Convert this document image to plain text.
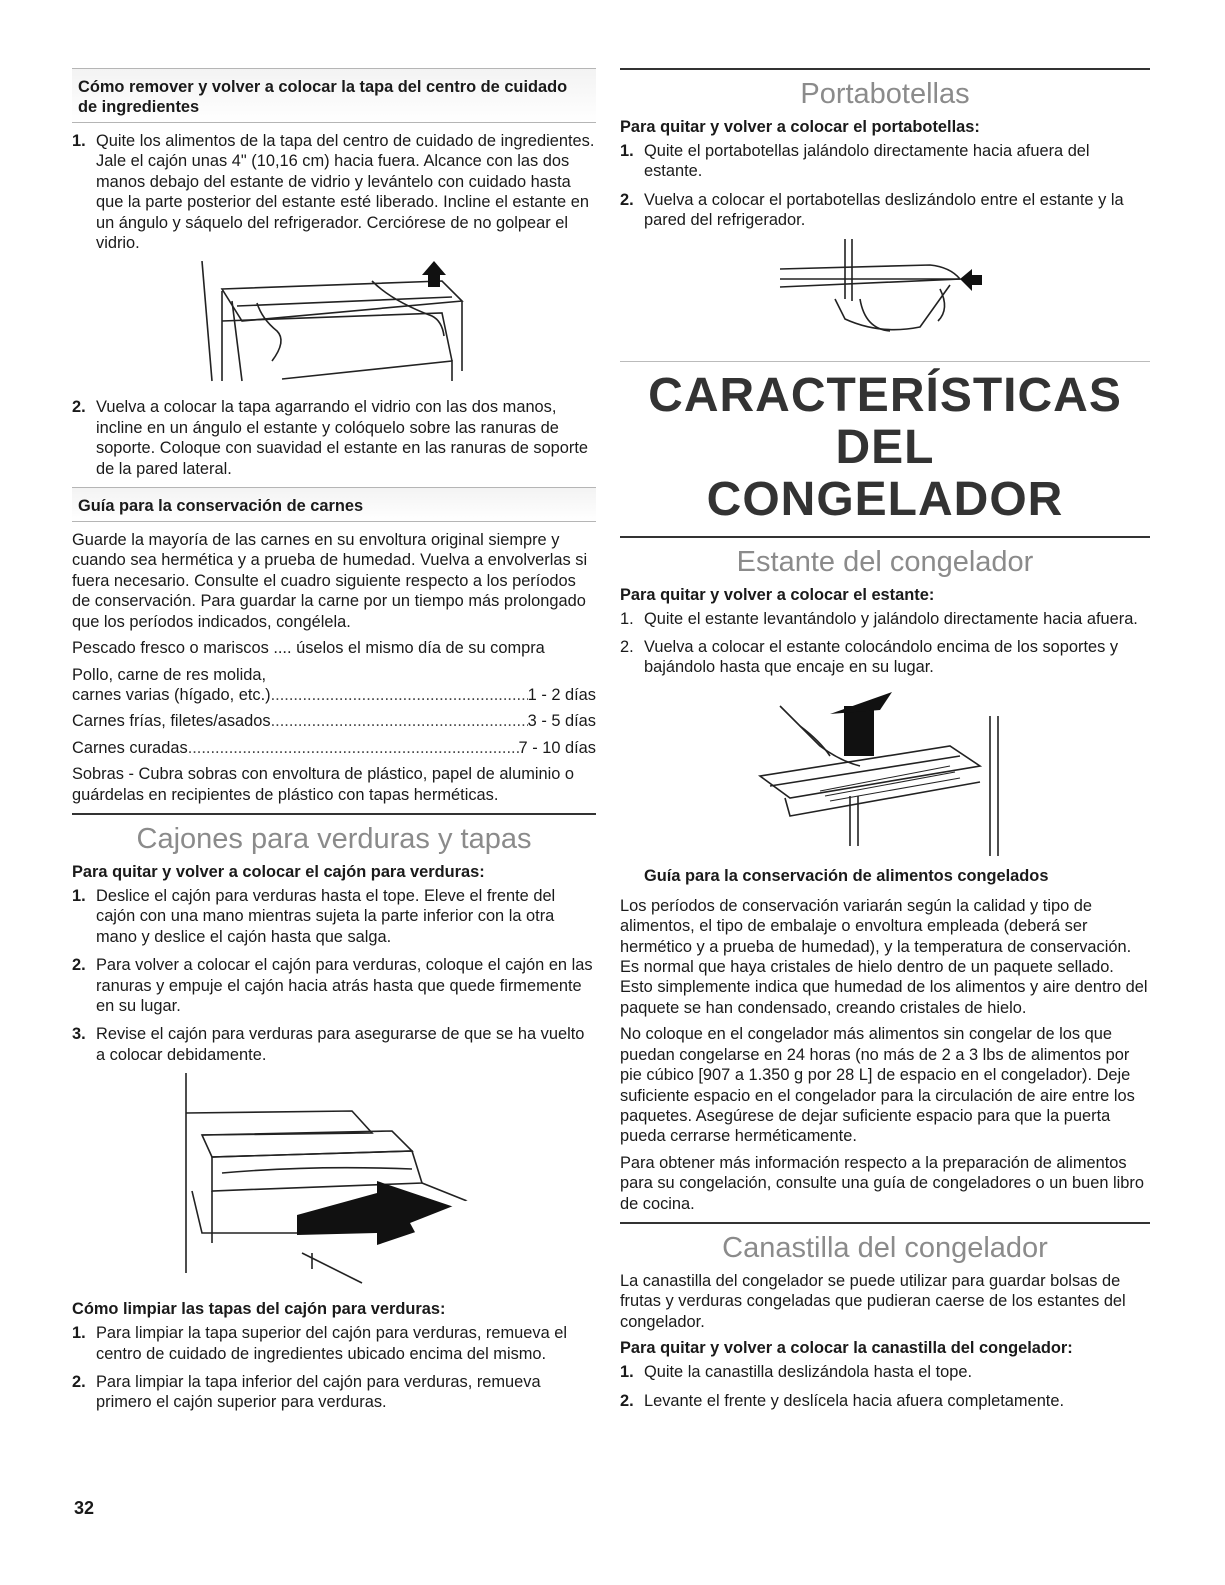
Cómo remover y volver a colocar la tapa del centro de cuidado de ingredientes
1. Quite los alimentos de la tapa del centro de cuidado de ingredientes. Jale el cajón unas 4" (10,16 cm) hacia fuera. Alcance con las dos manos debajo del estante de vidrio y levántelo con cuidado hasta que la parte posterior del estante esté liberado. Incline el estante en un ángulo y sáquelo del refrigerador. Cerciórese de no golpear el vidrio.
2. Vuelva a colocar la tapa agarrando el vidrio con las dos manos, incline en un ángulo el estante y colóquelo sobre las ranuras de soporte. Coloque con suavidad el estante en las ranuras de soporte de la pared lateral.
Guía para la conservación de carnes

Guarde la mayoría de las carnes en su envoltura original siempre y cuando sea hermética y a prueba de humedad. Vuelva a envolverlas si fuera necesario. Consulte el cuadro siguiente respecto a los períodos de conservación. Para guardar la carne por un tiempo más prolongado que los períodos indicados, congélela.

Pescado fresco o mariscos .... úselos el mismo día de su compra

Pollo, carne de res molida,

carnes varias (hígado, etc.) .....	1 - 2 días
Carnes frías, filetes/asados .....	3 - 5 días
Carnes curadas .....	7 - 10 días

Sobras - Cubra sobras con envoltura de plástico, papel de aluminio o guárdelas en recipientes de plástico con tapas herméticas.

Cajones para verduras y tapas
Para quitar y volver a colocar el cajón para verduras:
1. Deslice el cajón para verduras hasta el tope. Eleve el frente del cajón con una mano mientras sujeta la parte inferior con la otra mano y deslice el cajón hasta que salga.
2. Para volver a colocar el cajón para verduras, coloque el cajón en las ranuras y empuje el cajón hacia atrás hasta que quede firmemente en su lugar.
3. Revise el cajón para verduras para asegurarse de que se ha vuelto a colocar debidamente.
Cómo limpiar las tapas del cajón para verduras:
1. Para limpiar la tapa superior del cajón para verduras, remueva el centro de cuidado de ingredientes ubicado encima del mismo.
2. Para limpiar la tapa inferior del cajón para verduras, remueva primero el cajón superior para verduras.
Portabotellas
Para quitar y volver a colocar el portabotellas:
1. Quite el portabotellas jalándolo directamente hacia afuera del estante.
2. Vuelva a colocar el portabotellas deslizándolo entre el estante y la pared del refrigerador.
CARACTERÍSTICAS DEL
CONGELADOR
Estante del congelador
Para quitar y volver a colocar el estante:
1. Quite el estante levantándolo y jalándolo directamente hacia afuera.
2. Vuelva a colocar el estante colocándolo encima de los soportes y bajándolo hasta que encaje en su lugar.
Guía para la conservación de alimentos congelados

Los períodos de conservación variarán según la calidad y tipo de alimentos, el tipo de embalaje o envoltura empleada (deberá ser hermético y a prueba de humedad), y la temperatura de conservación. Es normal que haya cristales de hielo dentro de un paquete sellado. Esto simplemente indica que humedad de los alimentos y aire dentro del paquete se han condensado, creando cristales de hielo.

No coloque en el congelador más alimentos sin congelar de los que puedan congelarse en 24 horas (no más de 2 a 3 lbs de alimentos por pie cúbico [907 a 1.350 g por 28 L] de espacio en el congelador). Deje suficiente espacio en el congelador para la circulación de aire entre los paquetes. Asegúrese de dejar suficiente espacio para que la puerta pueda cerrarse herméticamente.

Para obtener más información respecto a la preparación de alimentos para su congelación, consulte una guía de congeladores o un buen libro de cocina.

Canastilla del congelador

La canastilla del congelador se puede utilizar para guardar bolsas de frutas y verduras congeladas que pudieran caerse de los estantes del congelador.

Para quitar y volver a colocar la canastilla del congelador:
1. Quite la canastilla deslizándola hasta el tope.
2. Levante el frente y deslícela hacia afuera completamente.
32
